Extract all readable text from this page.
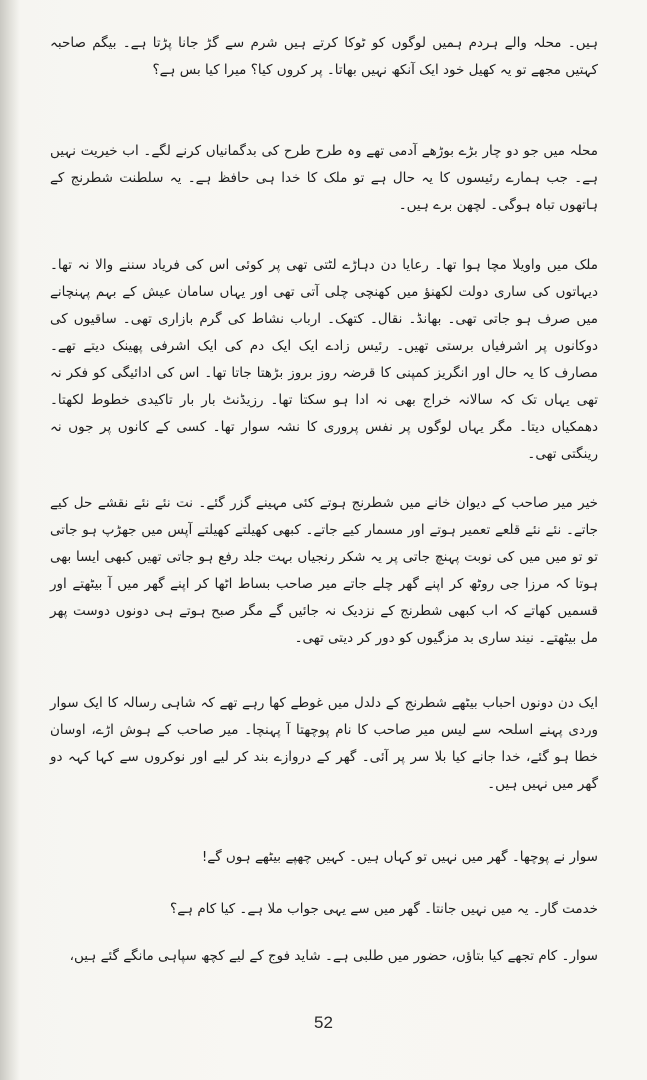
ہیں۔ محلہ والے ہردم ہمیں لوگوں کو ٹوکا کرتے ہیں شرم سے گڑ جانا پڑتا ہے۔ بیگم صاحبہ کہتیں مجھے تو یہ کھیل خود ایک آنکھ نہیں بھاتا۔ پر کروں کیا؟ میرا کیا بس ہے؟

محلہ میں جو دو چار بڑے بوڑھے آدمی تھے وہ طرح طرح کی بدگمانیاں کرنے لگے۔ اب خیریت نہیں ہے۔ جب ہمارے رئیسوں کا یہ حال ہے تو ملک کا خدا ہی حافظ ہے۔ یہ سلطنت شطرنج کے ہاتھوں تباہ ہوگی۔ لچھن برے ہیں۔

ملک میں واویلا مچا ہوا تھا۔ رعایا دن دہاڑے لٹتی تھی پر کوئی اس کی فریاد سننے والا نہ تھا۔ دیہاتوں کی ساری دولت لکھنؤ میں کھنچی چلی آتی تھی اور یہاں سامان عیش کے بہم پہنچانے میں صرف ہو جاتی تھی۔ بھانڈ۔ نقال۔ کتھک۔ ارباب نشاط کی گرم بازاری تھی۔ ساقیوں کی دوکانوں پر اشرفیاں برستی تھیں۔ رئیس زادے ایک ایک دم کی ایک اشرفی پھینک دیتے تھے۔ مصارف کا یہ حال اور انگریز کمپنی کا قرضہ روز بروز بڑھتا جاتا تھا۔ اس کی ادائیگی کو فکر نہ تھی یہاں تک کہ سالانہ خراج بھی نہ ادا ہو سکتا تھا۔ رزیڈنٹ بار بار تاکیدی خطوط لکھتا۔ دھمکیاں دیتا۔ مگر یہاں لوگوں پر نفس پروری کا نشہ سوار تھا۔ کسی کے کانوں پر جوں نہ رینگتی تھی۔

خیر میر صاحب کے دیوان خانے میں شطرنج ہوتے کئی مہینے گزر گئے۔ نت نئے نئے نقشے حل کیے جاتے۔ نئے نئے قلعے تعمیر ہوتے اور مسمار کیے جاتے۔ کبھی کھیلتے کھیلتے آپس میں جھڑپ ہو جاتی تو تو میں میں کی نوبت پہنچ جاتی پر یہ شکر رنجیاں بہت جلد رفع ہو جاتی تھیں کبھی ایسا بھی ہوتا کہ مرزا جی روٹھ کر اپنے گھر چلے جاتے میر صاحب بساط اٹھا کر اپنے گھر میں آ بیٹھتے اور قسمیں کھاتے کہ اب کبھی شطرنج کے نزدیک نہ جائیں گے مگر صبح ہوتے ہی دونوں دوست پھر مل بیٹھتے۔ نیند ساری بد مزگیوں کو دور کر دیتی تھی۔

ایک دن دونوں احباب بیٹھے شطرنج کے دلدل میں غوطے کھا رہے تھے کہ شاہی رسالہ کا ایک سوار وردی پہنے اسلحہ سے لیس میر صاحب کا نام پوچھتا آ پہنچا۔ میر صاحب کے ہوش اڑے، اوسان خطا ہو گئے، خدا جانے کیا بلا سر پر آئی۔ گھر کے دروازے بند کر لیے اور نوکروں سے کہا کہہ دو گھر میں نہیں ہیں۔

سوار نے پوچھا۔ گھر میں نہیں تو کہاں ہیں۔ کہیں چھپے بیٹھے ہوں گے!

خدمت گار۔ یہ میں نہیں جانتا۔ گھر میں سے یہی جواب ملا ہے۔ کیا کام ہے؟

سوار۔ کام تجھے کیا بتاؤں، حضور میں طلبی ہے۔ شاید فوج کے لیے کچھ سپاہی مانگے گئے ہیں،

52
